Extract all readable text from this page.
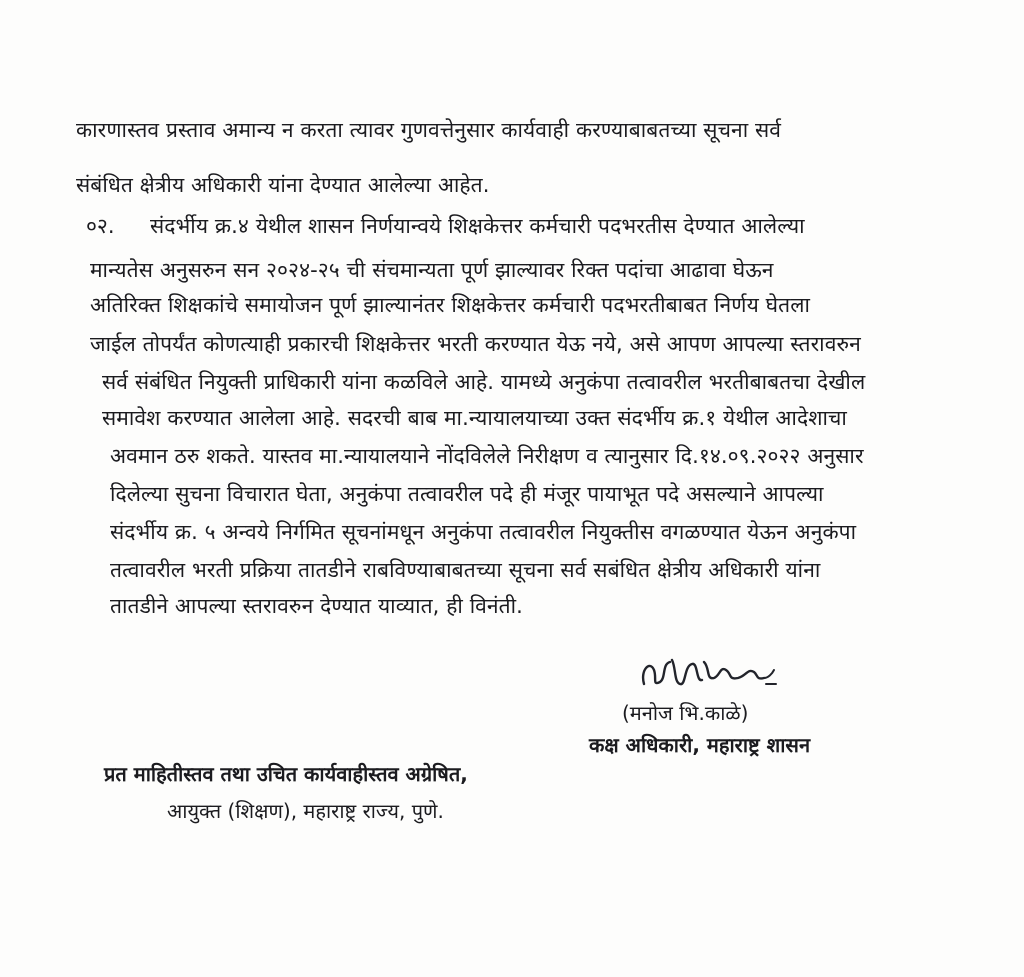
कारणास्तव प्रस्ताव अमान्य न करता त्यावर गुणवत्तेनुसार कार्यवाही करण्याबाबतच्या सूचना सर्व
संबंधित क्षेत्रीय अधिकारी यांना देण्यात आलेल्या आहेत.
०२. संदर्भीय क्र.४ येथील शासन निर्णयान्वये शिक्षकेत्तर कर्मचारी पदभरतीस देण्यात आलेल्या
मान्यतेस अनुसरुन सन २०२४-२५ ची संचमान्यता पूर्ण झाल्यावर रिक्त पदांचा आढावा घेऊन
अतिरिक्त शिक्षकांचे समायोजन पूर्ण झाल्यानंतर शिक्षकेत्तर कर्मचारी पदभरतीबाबत निर्णय घेतला
जाईल तोपर्यंत कोणत्याही प्रकारची शिक्षकेत्तर भरती करण्यात येऊ नये, असे आपण आपल्या स्तरावरुन
सर्व संबंधित नियुक्ती प्राधिकारी यांना कळविले आहे. यामध्ये अनुकंपा तत्वावरील भरतीबाबतचा देखील
समावेश करण्यात आलेला आहे. सदरची बाब मा.न्यायालयाच्या उक्त संदर्भीय क्र.१ येथील आदेशाचा
अवमान ठरु शकते. यास्तव मा.न्यायालयाने नोंदविलेले निरीक्षण व त्यानुसार दि.१४.०९.२०२२ अनुसार
दिलेल्या सुचना विचारात घेता, अनुकंपा तत्वावरील पदे ही मंजूर पायाभूत पदे असल्याने आपल्या
संदर्भीय क्र. ५ अन्वये निर्गमित सूचनांमधून अनुकंपा तत्वावरील नियुक्तीस वगळण्यात येऊन अनुकंपा
तत्वावरील भरती प्रक्रिया तातडीने राबविण्याबाबतच्या सूचना सर्व सबंधित क्षेत्रीय अधिकारी यांना
तातडीने आपल्या स्तरावरुन देण्यात याव्यात, ही विनंती.
(मनोज भि.काळे)
कक्ष अधिकारी, महाराष्ट्र शासन
प्रत माहितीस्तव तथा उचित कार्यवाहीस्तव अग्रेषित,
आयुक्त (शिक्षण), महाराष्ट्र राज्य, पुणे.
